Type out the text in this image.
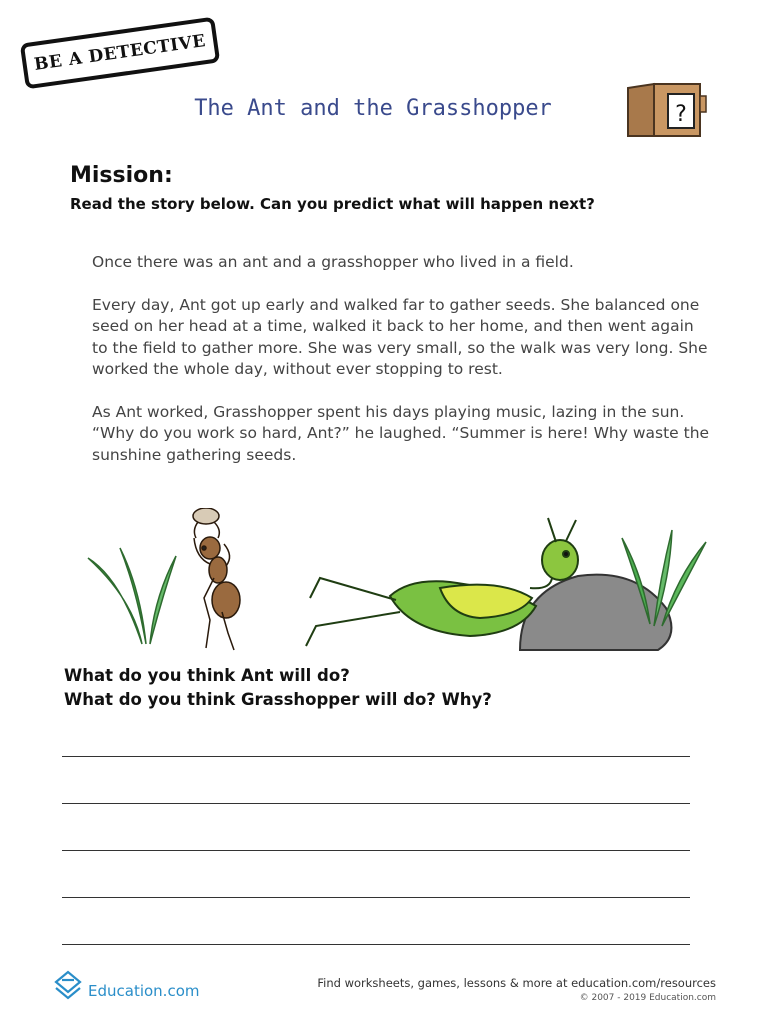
BE A DETECTIVE
The Ant and the Grasshopper	?
Mission:
Read the story below. Can you predict what will happen next?

Once there was an ant and a grasshopper who lived in a field.

Every day, Ant got up early and walked far to gather seeds. She balanced one seed on her head at a time, walked it back to her home, and then went again to the field to gather more. She was very small, so the walk was very long. She worked the whole day, without ever stopping to rest.

As Ant worked, Grasshopper spent his days playing music, lazing in the sun. “Why do you work so hard, Ant?” he laughed. “Summer is here! Why waste the sunshine gathering seeds.

What do you think Ant will do?
What do you think Grasshopper will do? Why?
Education.com	Find worksheets, games, lessons & more at education.com/resources
© 2007 - 2019 Education.com
